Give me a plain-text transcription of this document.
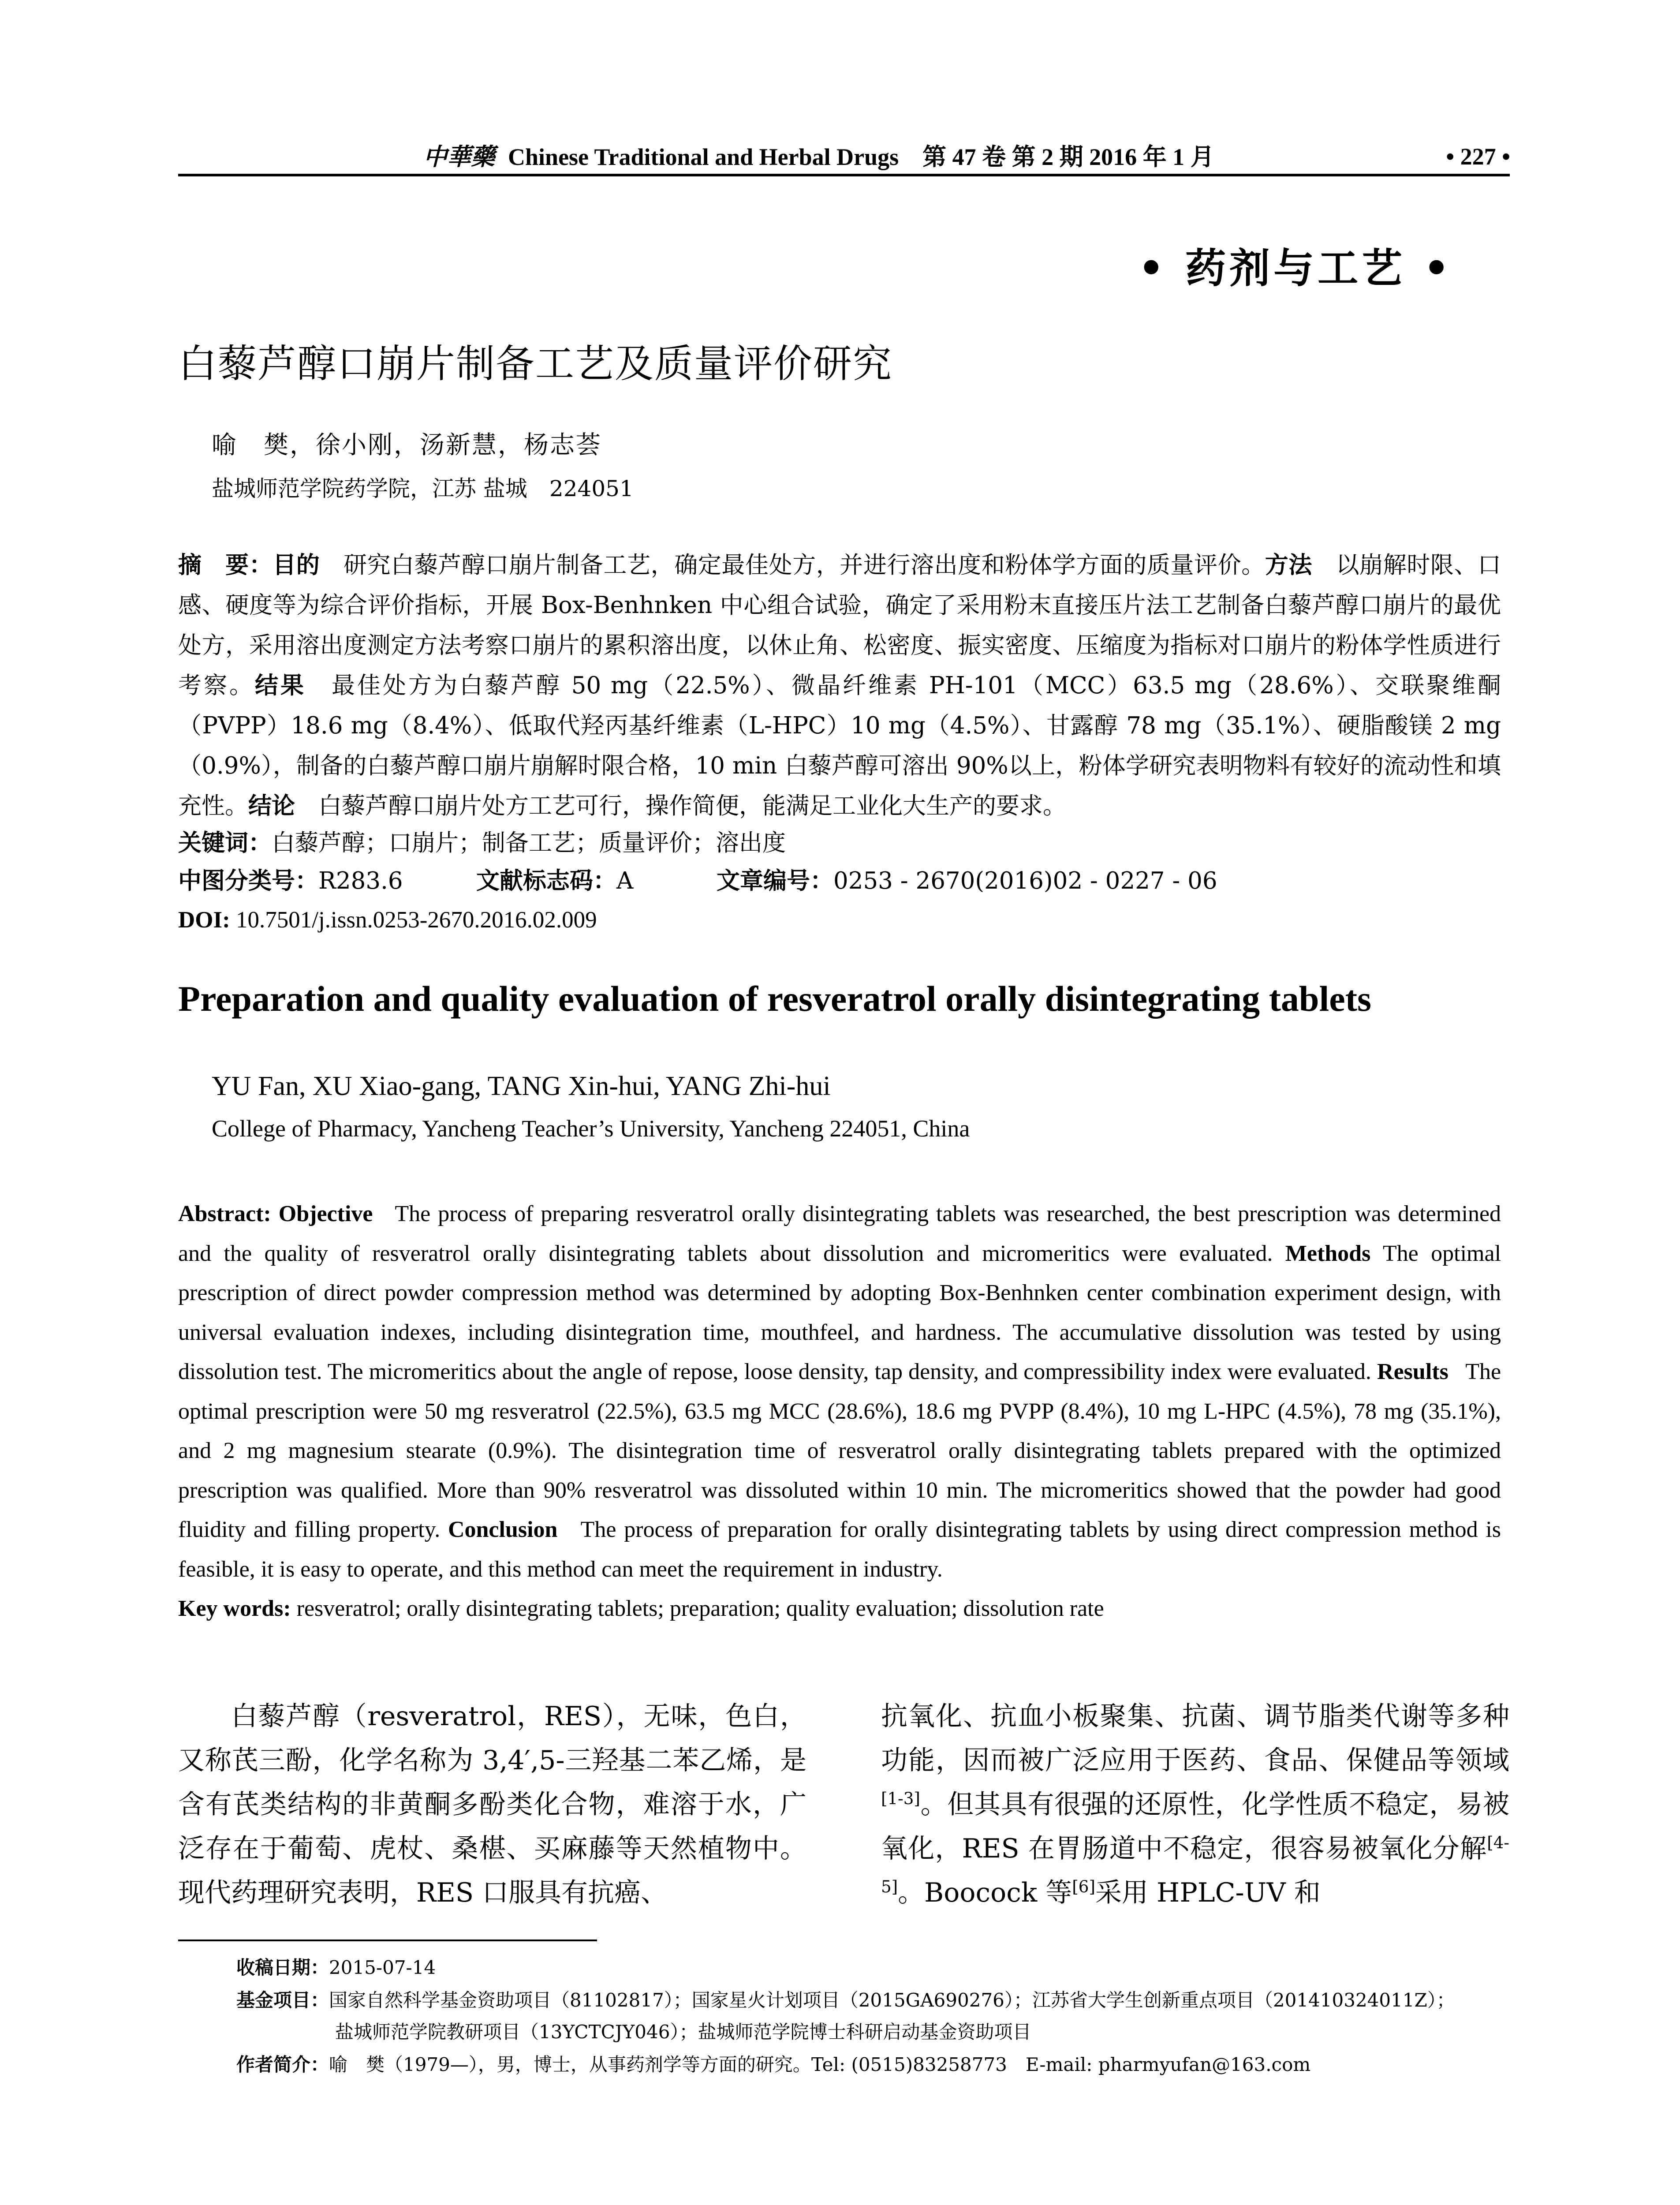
中華藥 Chinese Traditional and Herbal Drugs　第 47 卷 第 2 期 2016 年 1 月	• 227 •
• 药剂与工艺 •
白藜芦醇口崩片制备工艺及质量评价研究
喻　樊，徐小刚，汤新慧，杨志荟
盐城师范学院药学院，江苏 盐城　224051
摘　要：目的　 研究白藜芦醇口崩片制备工艺，确定最佳处方，并进行溶出度和粉体学方面的质量评价。方法　 以崩解时限、口感、硬度等为综合评价指标，开展 Box-Benhnken 中心组合试验，确定了采用粉末直接压片法工艺制备白藜芦醇口崩片的最优处方，采用溶出度测定方法考察口崩片的累积溶出度，以休止角、松密度、振实密度、压缩度为指标对口崩片的粉体学性质进行考察。结果　 最佳处方为白藜芦醇 50 mg（22.5%）、微晶纤维素 PH-101（MCC）63.5 mg（28.6%）、交联聚维酮（PVPP）18.6 mg（8.4%）、低取代羟丙基纤维素（L-HPC）10 mg（4.5%）、甘露醇 78 mg（35.1%）、硬脂酸镁 2 mg（0.9%），制备的白藜芦醇口崩片崩解时限合格，10 min 白藜芦醇可溶出 90%以上，粉体学研究表明物料有较好的流动性和填充性。结论　 白藜芦醇口崩片处方工艺可行，操作简便，能满足工业化大生产的要求。
关键词：白藜芦醇；口崩片；制备工艺；质量评价；溶出度
中图分类号：R283.6	文献标志码：A	文章编号：0253 - 2670(2016)02 - 0227 - 06
DOI: 10.7501/j.issn.0253-2670.2016.02.009
Preparation and quality evaluation of resveratrol orally disintegrating tablets
YU Fan, XU Xiao-gang, TANG Xin-hui, YANG Zhi-hui
College of Pharmacy, Yancheng Teacher’s University, Yancheng 224051, China
Abstract: Objective The process of preparing resveratrol orally disintegrating tablets was researched, the best prescription was determined and the quality of resveratrol orally disintegrating tablets about dissolution and micromeritics were evaluated. Methods The optimal prescription of direct powder compression method was determined by adopting Box-Benhnken center combination experiment design, with universal evaluation indexes, including disintegration time, mouthfeel, and hardness. The accumulative dissolution was tested by using dissolution test. The micromeritics about the angle of repose, loose density, tap density, and compressibility index were evaluated. Results The optimal prescription were 50 mg resveratrol (22.5%), 63.5 mg MCC (28.6%), 18.6 mg PVPP (8.4%), 10 mg L-HPC (4.5%), 78 mg (35.1%), and 2 mg magnesium stearate (0.9%). The disintegration time of resveratrol orally disintegrating tablets prepared with the optimized prescription was qualified. More than 90% resveratrol was dissoluted within 10 min. The micromeritics showed that the powder had good fluidity and filling property. Conclusion The process of preparation for orally disintegrating tablets by using direct compression method is feasible, it is easy to operate, and this method can meet the requirement in industry.
Key words: resveratrol; orally disintegrating tablets; preparation; quality evaluation; dissolution rate

白藜芦醇（resveratrol，RES），无味，色白，又称芪三酚，化学名称为 3,4′,5-三羟基二苯乙烯，是含有芪类结构的非黄酮多酚类化合物，难溶于水，广泛存在于葡萄、虎杖、桑椹、买麻藤等天然植物中。现代药理研究表明，RES 口服具有抗癌、

抗氧化、抗血小板聚集、抗菌、调节脂类代谢等多种功能，因而被广泛应用于医药、食品、保健品等领域[1-3]。但其具有很强的还原性，化学性质不稳定，易被氧化，RES 在胃肠道中不稳定，很容易被氧化分解[4-5]。Boocock 等[6]采用 HPLC-UV 和

收稿日期：2015-07-14
基金项目：国家自然科学基金资助项目（81102817）；国家星火计划项目（2015GA690276）；江苏省大学生创新重点项目（201410324011Z）；
盐城师范学院教研项目（13YCTCJY046）；盐城师范学院博士科研启动基金资助项目
作者简介：喻　樊（1979—），男，博士，从事药剂学等方面的研究。Tel: (0515)83258773　E-mail: pharmyufan@163.com
